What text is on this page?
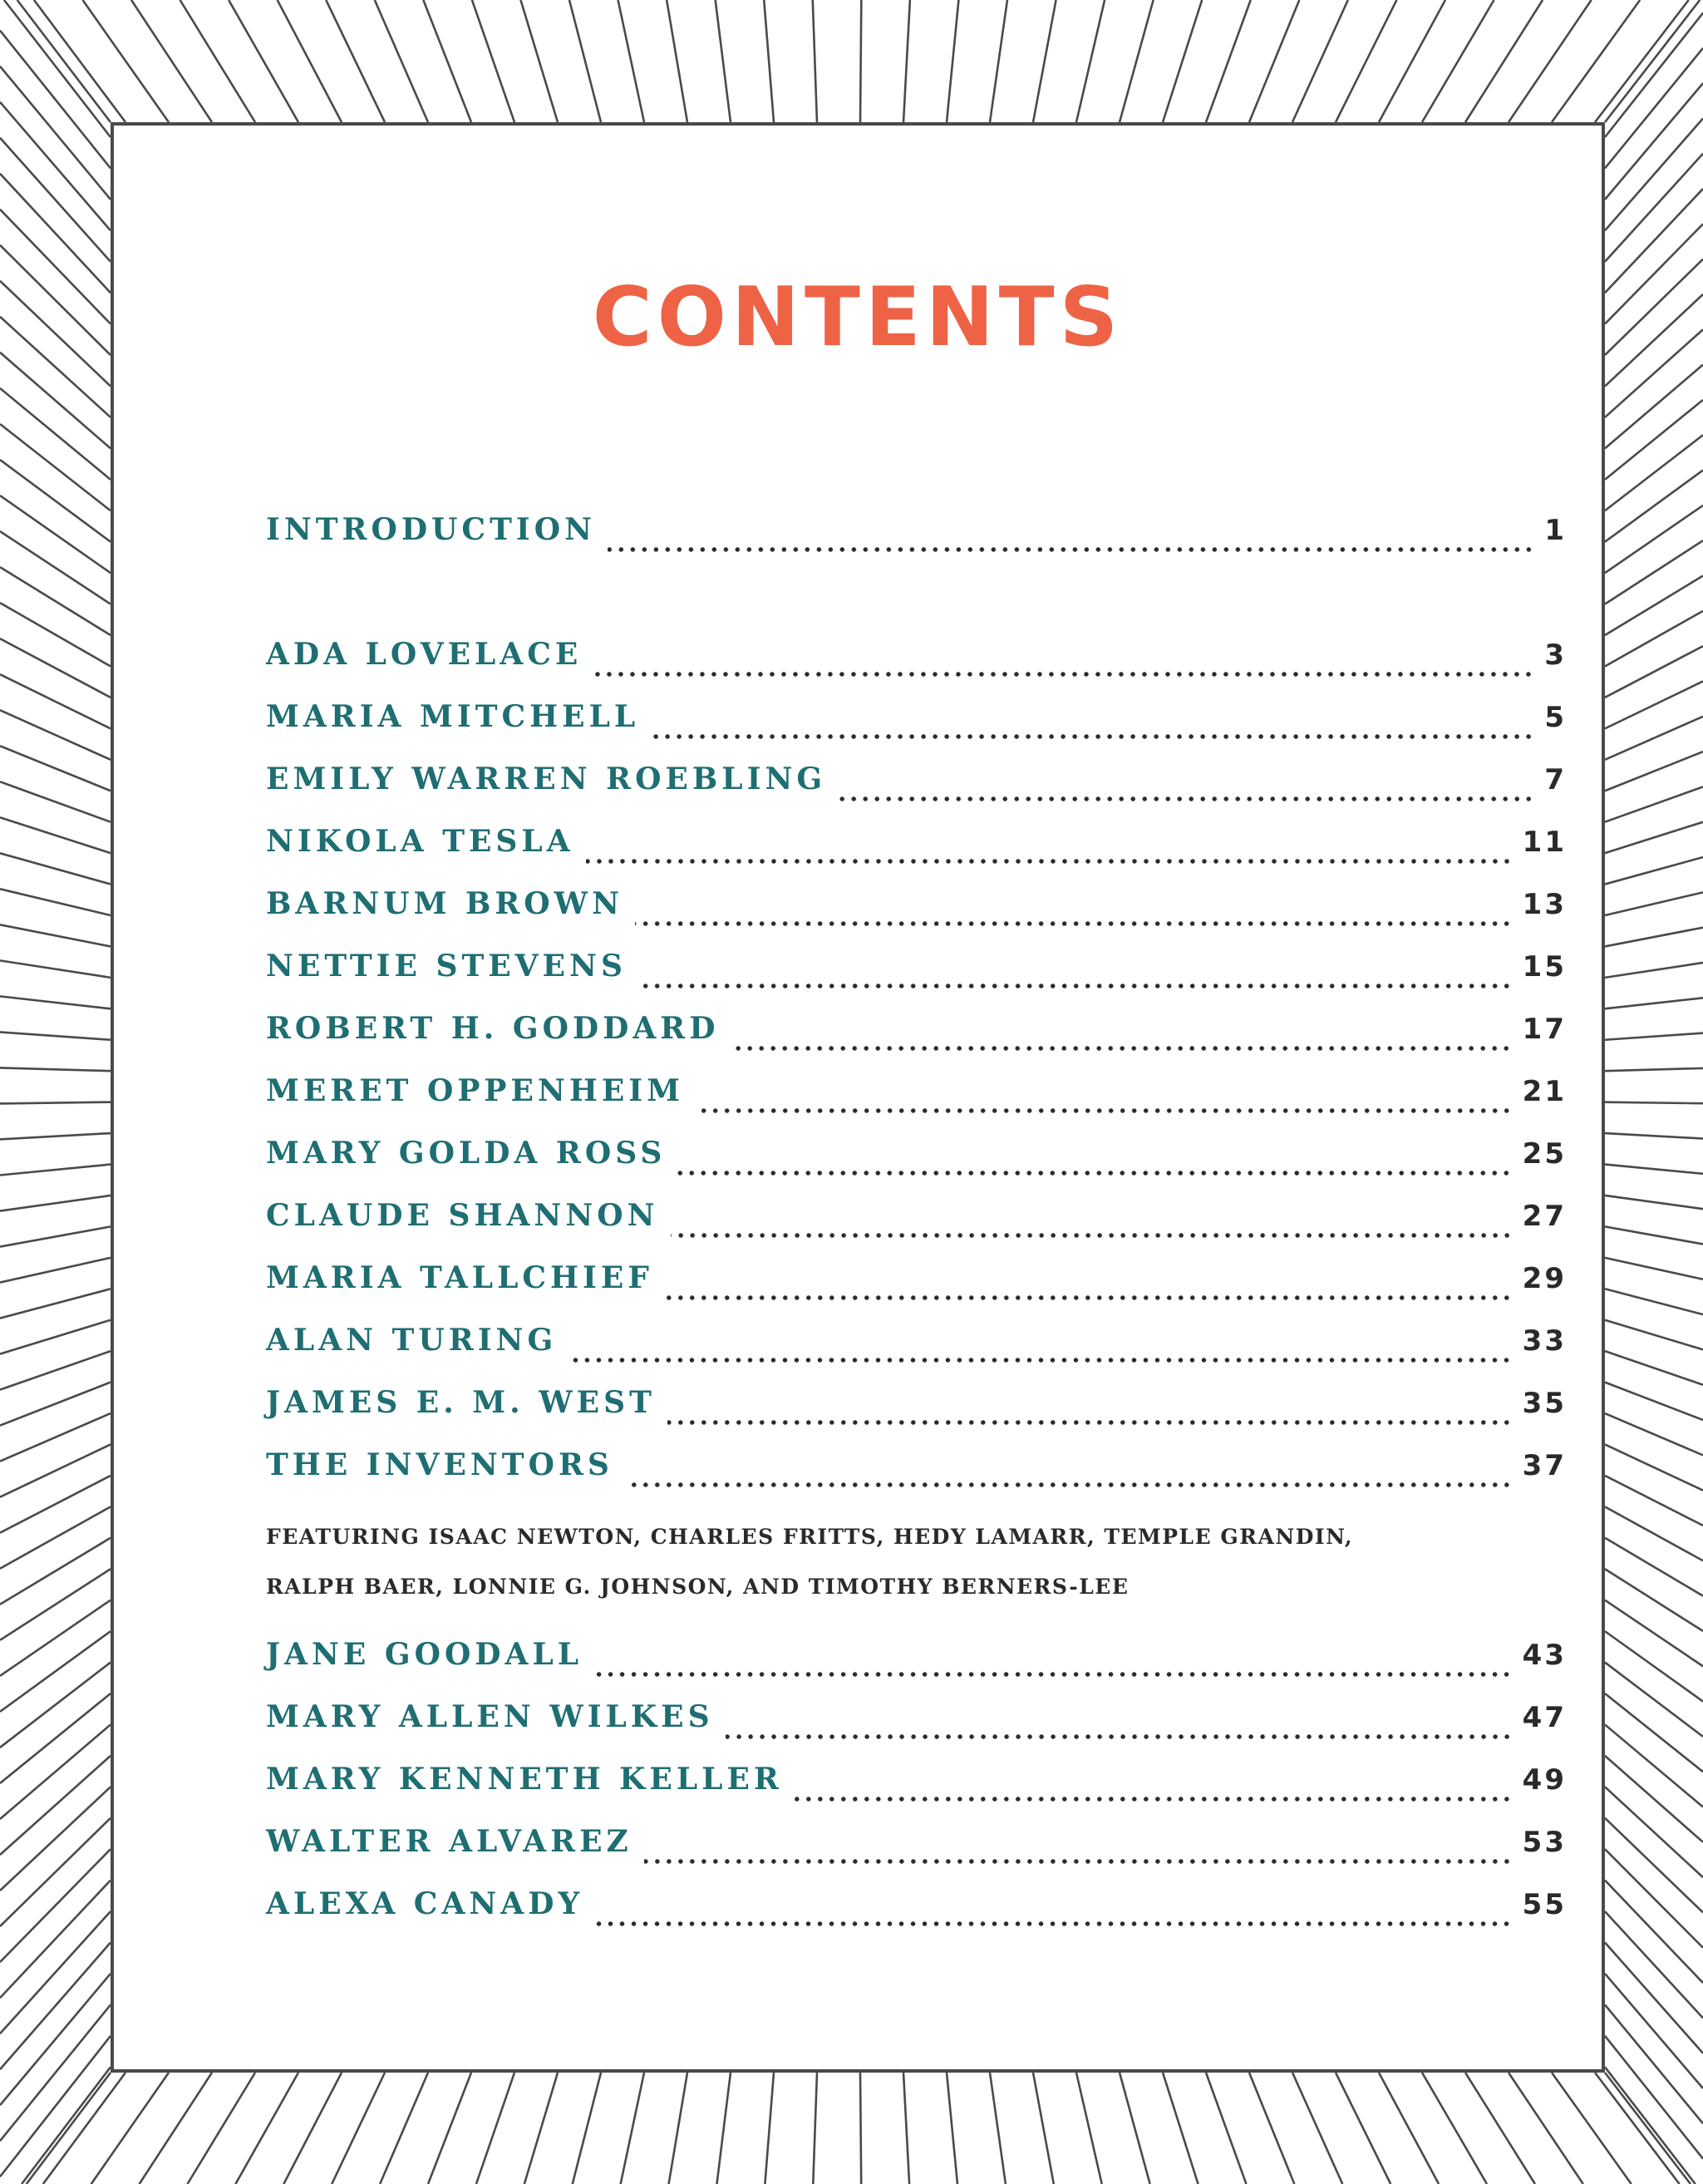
CONTENTS
INTRODUCTION	1
ADA LOVELACE	3
MARIA MITCHELL	5
EMILY WARREN ROEBLING	7
NIKOLA TESLA	11
BARNUM BROWN	13
NETTIE STEVENS	15
ROBERT H. GODDARD	17
MERET OPPENHEIM	21
MARY GOLDA ROSS	25
CLAUDE SHANNON	27
MARIA TALLCHIEF	29
ALAN TURING	33
JAMES E. M. WEST	35
THE INVENTORS	37
FEATURING ISAAC NEWTON, CHARLES FRITTS, HEDY LAMARR, TEMPLE GRANDIN,
RALPH BAER, LONNIE G. JOHNSON, AND TIMOTHY BERNERS-LEE
JANE GOODALL	43
MARY ALLEN WILKES	47
MARY KENNETH KELLER	49
WALTER ALVAREZ	53
ALEXA CANADY	55
